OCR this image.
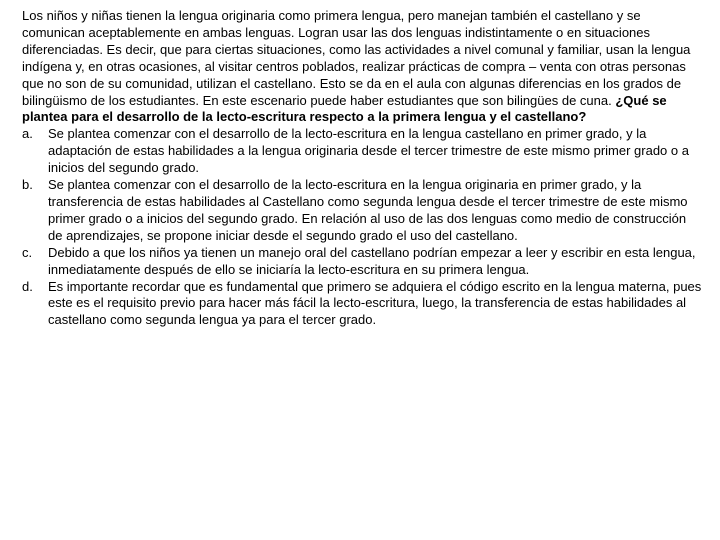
Los niños y niñas tienen la lengua originaria como primera lengua, pero manejan también el castellano y se comunican aceptablemente en ambas lenguas. Logran usar las dos lenguas indistintamente o en situaciones diferenciadas. Es decir, que para ciertas situaciones, como las actividades a nivel comunal y familiar, usan la lengua indígena y, en otras ocasiones, al visitar centros poblados, realizar prácticas de compra – venta con otras personas que no son de su comunidad, utilizan el castellano. Esto se da en el aula con algunas diferencias en los grados de bilingüismo de los estudiantes. En este escenario puede haber estudiantes que son bilingües de cuna. ¿Qué se plantea para el desarrollo de la lecto-escritura respecto a la primera lengua y el castellano?

a.	Se plantea comenzar con el desarrollo de la lecto-escritura en la lengua castellano en primer grado, y la adaptación de estas habilidades a la lengua originaria desde el tercer trimestre de este mismo primer grado o a inicios del segundo grado.
b.	Se plantea comenzar con el desarrollo de la lecto-escritura en la lengua originaria en primer grado, y la transferencia de estas habilidades al Castellano como segunda lengua desde el tercer trimestre de este mismo primer grado o a inicios del segundo grado. En relación al uso de las dos lenguas como medio de construcción de aprendizajes, se propone iniciar desde el segundo grado el uso del castellano.
c.	Debido a que los niños ya tienen un manejo oral del castellano podrían empezar a leer y escribir en esta lengua, inmediatamente después de ello se iniciaría la lecto-escritura en su primera lengua.
d.	Es importante recordar que es fundamental que primero se adquiera el código escrito en la lengua materna, pues este es el requisito previo para hacer más fácil la lecto-escritura, luego, la transferencia de estas habilidades al castellano como segunda lengua ya para el tercer grado.
